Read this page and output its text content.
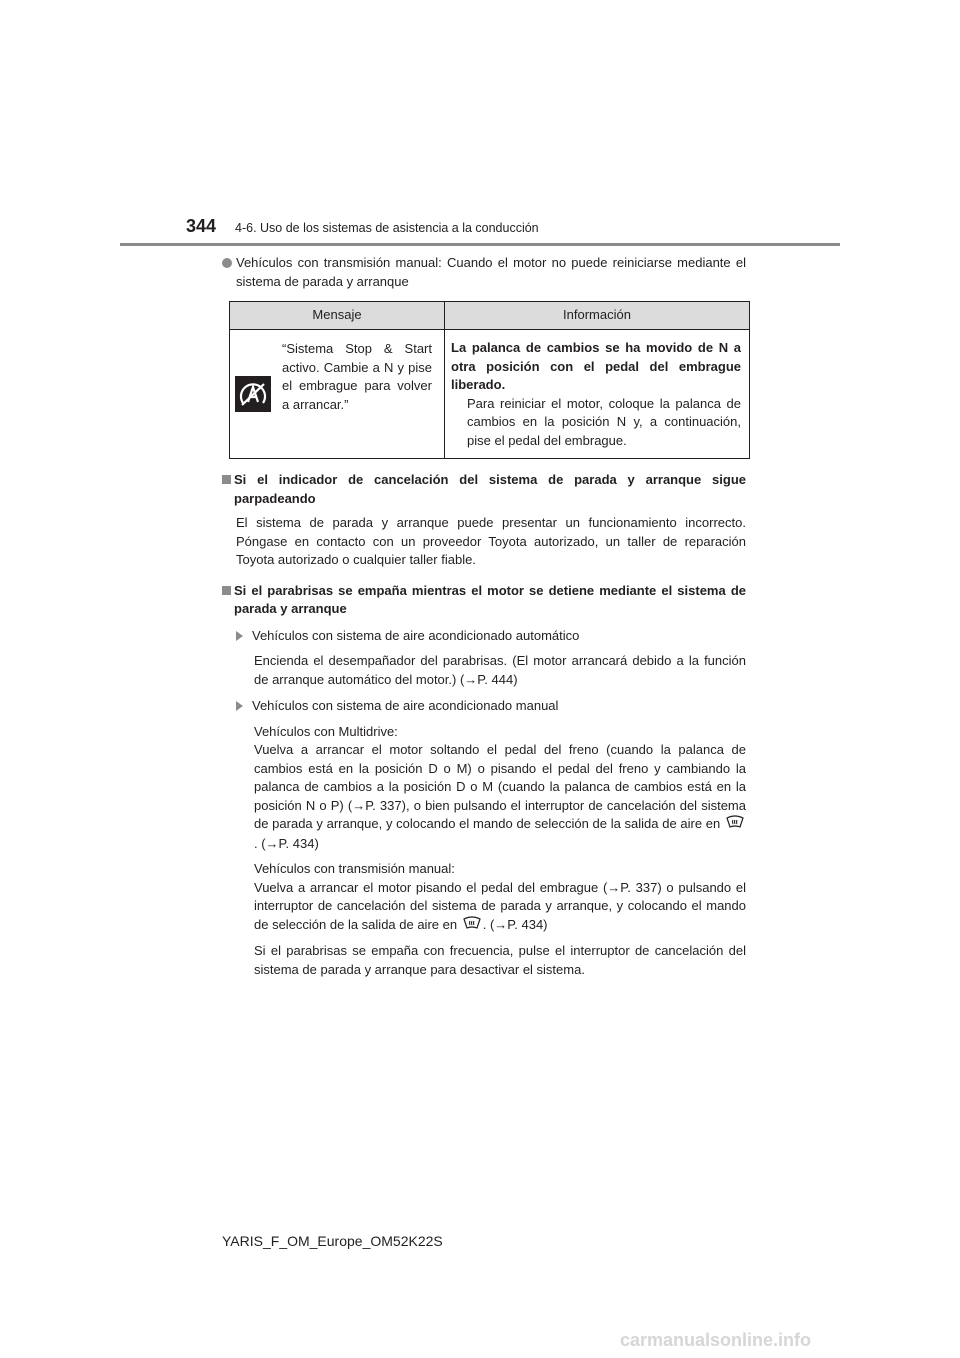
344 4-6. Uso de los sistemas de asistencia a la conducción
Vehículos con transmisión manual: Cuando el motor no puede reiniciarse mediante el sistema de parada y arranque
Mensaje		Información
	“Sistema Stop & Start activo. Cambie a N y pise el embrague para volver a arrancar.”	La palanca de cambios se ha movido de N a otra posición con el pedal del embrague liberado.
Para reiniciar el motor, coloque la palanca de cambios en la posición N y, a continuación, pise el pedal del embrague.
Si el indicador de cancelación del sistema de parada y arranque sigue parpadeando
El sistema de parada y arranque puede presentar un funcionamiento incorrecto. Póngase en contacto con un proveedor Toyota autorizado, un taller de reparación Toyota autorizado o cualquier taller fiable.
Si el parabrisas se empaña mientras el motor se detiene mediante el sistema de parada y arranque
Vehículos con sistema de aire acondicionado automático
Encienda el desempañador del parabrisas. (El motor arrancará debido a la función de arranque automático del motor.) (→P. 444)
Vehículos con sistema de aire acondicionado manual
Vehículos con Multidrive:
Vuelva a arrancar el motor soltando el pedal del freno (cuando la palanca de cambios está en la posición D o M) o pisando el pedal del freno y cambiando la palanca de cambios a la posición D o M (cuando la palanca de cambios está en la posición N o P) (→P. 337), o bien pulsando el interruptor de cancelación del sistema de parada y arranque, y colocando el mando de selección de la salida de aire en . (→P. 434)
Vehículos con transmisión manual:
Vuelva a arrancar el motor pisando el pedal del embrague (→P. 337) o pulsando el interruptor de cancelación del sistema de parada y arranque, y colocando el mando de selección de la salida de aire en . (→P. 434)
Si el parabrisas se empaña con frecuencia, pulse el interruptor de cancelación del sistema de parada y arranque para desactivar el sistema.
YARIS_F_OM_Europe_OM52K22S
carmanualsonline.info
